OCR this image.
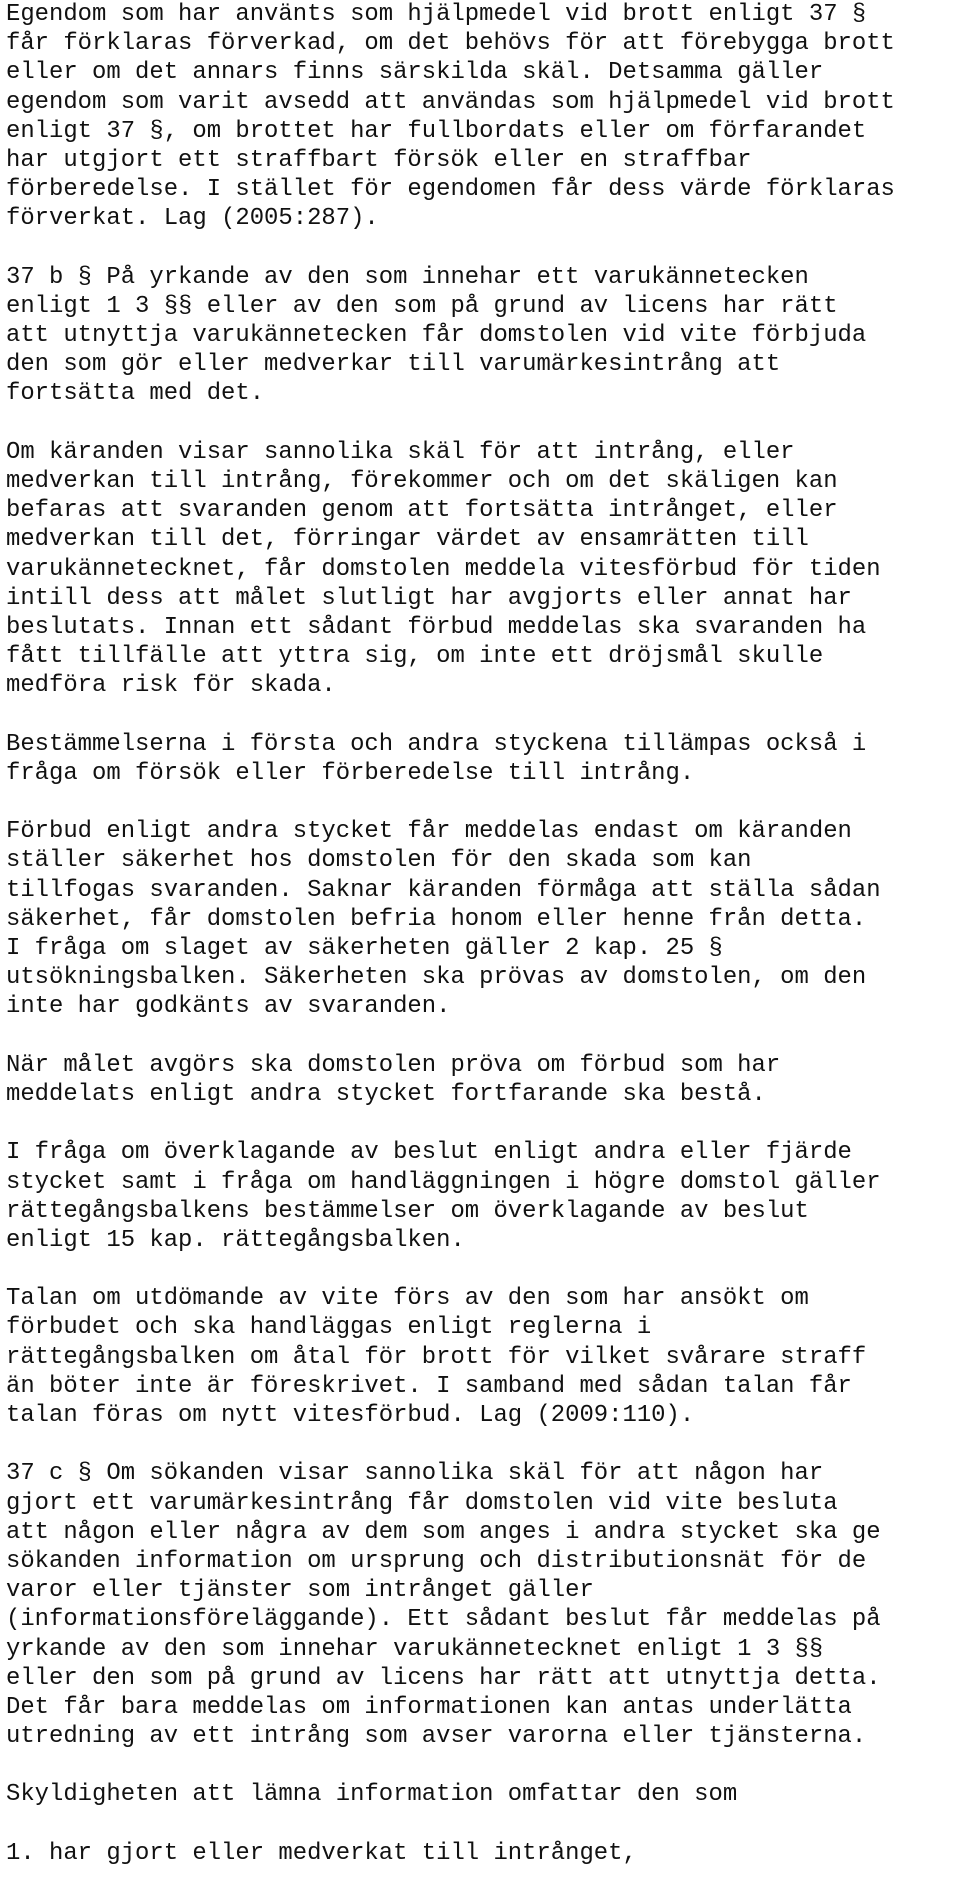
Egendom som har använts som hjälpmedel vid brott enligt 37 §
får förklaras förverkad, om det behövs för att förebygga brott
eller om det annars finns särskilda skäl. Detsamma gäller
egendom som varit avsedd att användas som hjälpmedel vid brott
enligt 37 §, om brottet har fullbordats eller om förfarandet
har utgjort ett straffbart försök eller en straffbar
förberedelse. I stället för egendomen får dess värde förklaras
förverkat. Lag (2005:287).
37 b § På yrkande av den som innehar ett varukännetecken
enligt 1 3 §§ eller av den som på grund av licens har rätt
att utnyttja varukännetecken får domstolen vid vite förbjuda
den som gör eller medverkar till varumärkesintrång att
fortsätta med det.
Om käranden visar sannolika skäl för att intrång, eller
medverkan till intrång, förekommer och om det skäligen kan
befaras att svaranden genom att fortsätta intrånget, eller
medverkan till det, förringar värdet av ensamrätten till
varukännetecknet, får domstolen meddela vitesförbud för tiden
intill dess att målet slutligt har avgjorts eller annat har
beslutats. Innan ett sådant förbud meddelas ska svaranden ha
fått tillfälle att yttra sig, om inte ett dröjsmål skulle
medföra risk för skada.
Bestämmelserna i första och andra styckena tillämpas också i
fråga om försök eller förberedelse till intrång.
Förbud enligt andra stycket får meddelas endast om käranden
ställer säkerhet hos domstolen för den skada som kan
tillfogas svaranden. Saknar käranden förmåga att ställa sådan
säkerhet, får domstolen befria honom eller henne från detta.
I fråga om slaget av säkerheten gäller 2 kap. 25 §
utsökningsbalken. Säkerheten ska prövas av domstolen, om den
inte har godkänts av svaranden.
När målet avgörs ska domstolen pröva om förbud som har
meddelats enligt andra stycket fortfarande ska bestå.
I fråga om överklagande av beslut enligt andra eller fjärde
stycket samt i fråga om handläggningen i högre domstol gäller
rättegångsbalkens bestämmelser om överklagande av beslut
enligt 15 kap. rättegångsbalken.
Talan om utdömande av vite förs av den som har ansökt om
förbudet och ska handläggas enligt reglerna i
rättegångsbalken om åtal för brott för vilket svårare straff
än böter inte är föreskrivet. I samband med sådan talan får
talan föras om nytt vitesförbud. Lag (2009:110).
37 c § Om sökanden visar sannolika skäl för att någon har
gjort ett varumärkesintrång får domstolen vid vite besluta
att någon eller några av dem som anges i andra stycket ska ge
sökanden information om ursprung och distributionsnät för de
varor eller tjänster som intrånget gäller
(informationsföreläggande). Ett sådant beslut får meddelas på
yrkande av den som innehar varukännetecknet enligt 1 3 §§
eller den som på grund av licens har rätt att utnyttja detta.
Det får bara meddelas om informationen kan antas underlätta
utredning av ett intrång som avser varorna eller tjänsterna.
Skyldigheten att lämna information omfattar den som
1. har gjort eller medverkat till intrånget,
